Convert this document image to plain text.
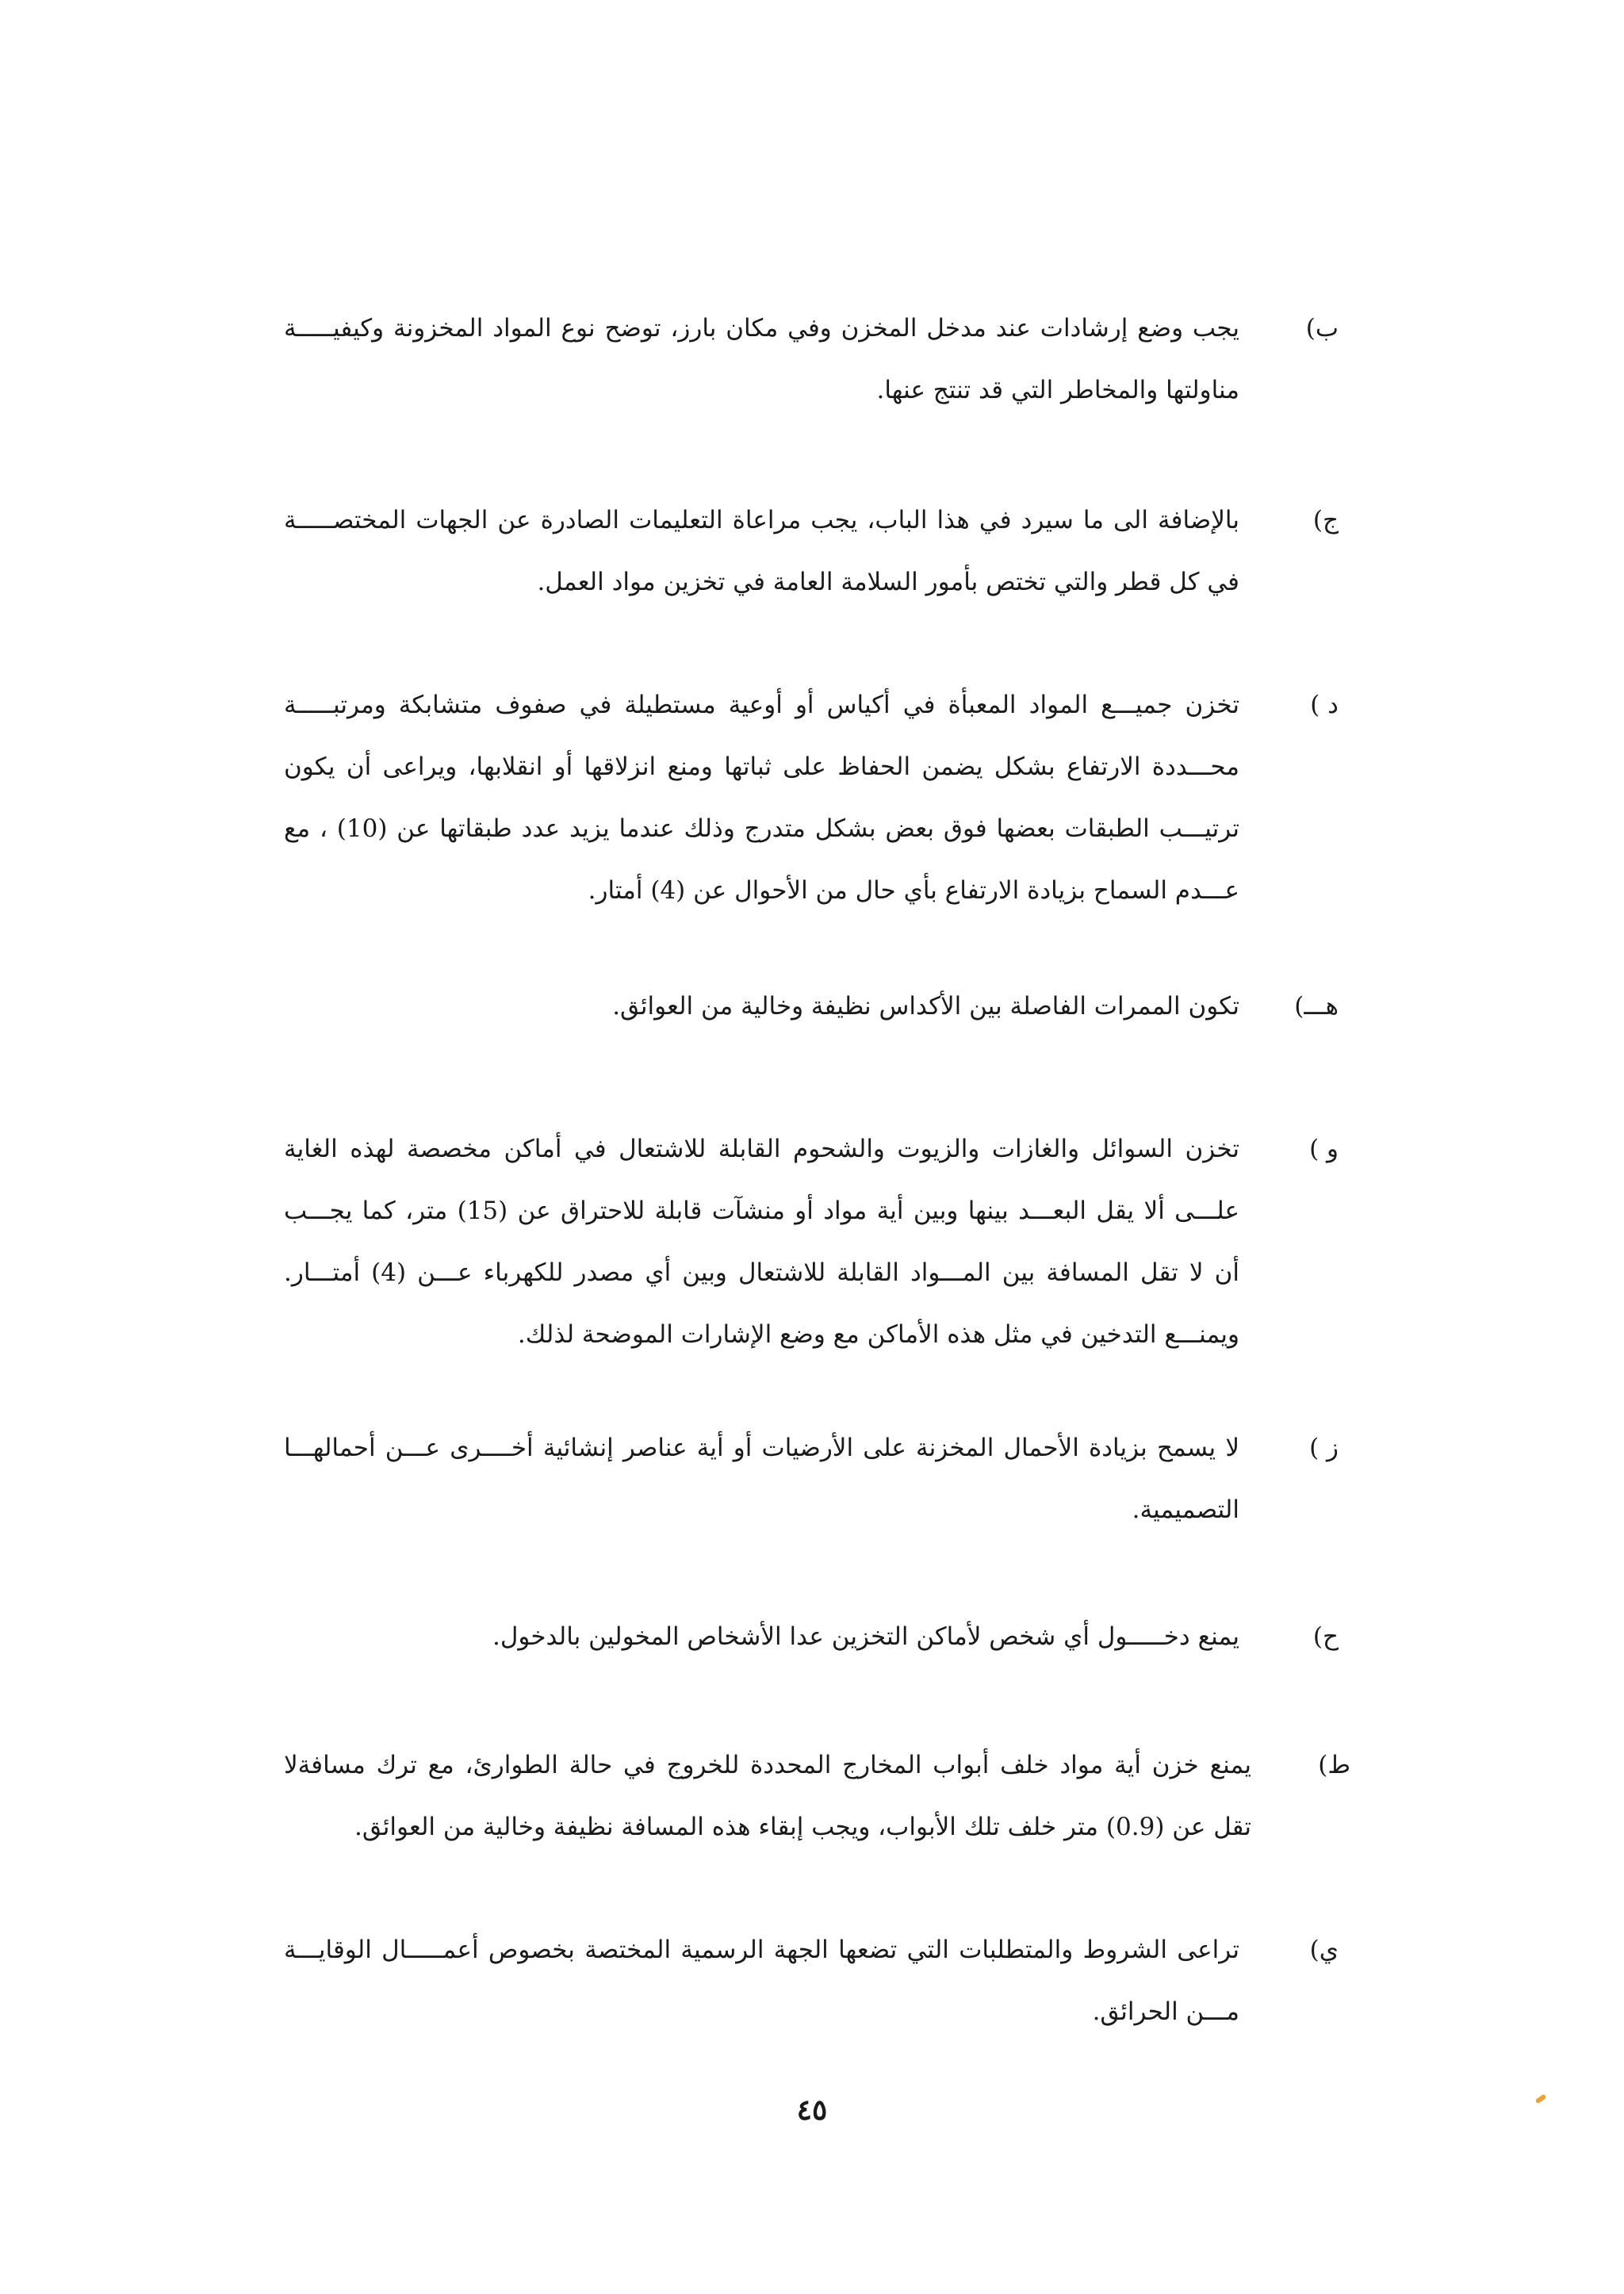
ب)
يجب وضع إرشادات عند مدخل المخزن وفي مكان بارز، توضح نوع المواد المخزونة وكيفيـــــة مناولتها والمخاطر التي قد تنتج عنها.
ج)
بالإضافة الى ما سيرد في هذا الباب، يجب مراعاة التعليمات الصادرة عن الجهات المختصـــــة في كل قطر والتي تختص بأمور السلامة العامة في تخزين مواد العمل.
د )
تخزن جميـــع المواد المعبأة في أكياس أو أوعية مستطيلة في صفوف متشابكة ومرتبـــــة محـــددة الارتفاع بشكل يضمن الحفاظ على ثباتها ومنع انزلاقها أو انقلابها، ويراعى أن يكون ترتيـــب الطبقات بعضها فوق بعض بشكل متدرج وذلك عندما يزيد عدد طبقاتها عن (10) ، مع عـــدم السماح بزيادة الارتفاع بأي حال من الأحوال عن (4) أمتار.
هـــ)
تكون الممرات الفاصلة بين الأكداس نظيفة وخالية من العوائق.
و )
تخزن السوائل والغازات والزيوت والشحوم القابلة للاشتعال في أماكن مخصصة لهذه الغاية علـــى ألا يقل البعـــد بينها وبين أية مواد أو منشآت قابلة للاحتراق عن (15) متر، كما يجـــب أن لا تقل المسافة بين المـــواد القابلة للاشتعال وبين أي مصدر للكهرباء عـــن (4) أمتـــار. ويمنـــع التدخين في مثل هذه الأماكن مع وضع الإشارات الموضحة لذلك.
ز )
لا يسمح بزيادة الأحمال المخزنة على الأرضيات أو أية عناصر إنشائية أخــــرى عـــن أحمالهـــا التصميمية.
ح)
يمنع دخـــــول أي شخص لأماكن التخزين عدا الأشخاص المخولين بالدخول.
ط)
يمنع خزن أية مواد خلف أبواب المخارج المحددة للخروج في حالة الطوارئ، مع ترك مسافةلا تقل عن (0.9) متر خلف تلك الأبواب، ويجب إبقاء هذه المسافة نظيفة وخالية من العوائق.
ي)
تراعى الشروط والمتطلبات التي تضعها الجهة الرسمية المختصة بخصوص أعمـــــال الوقايـــة مـــن الحرائق.
٤٥
